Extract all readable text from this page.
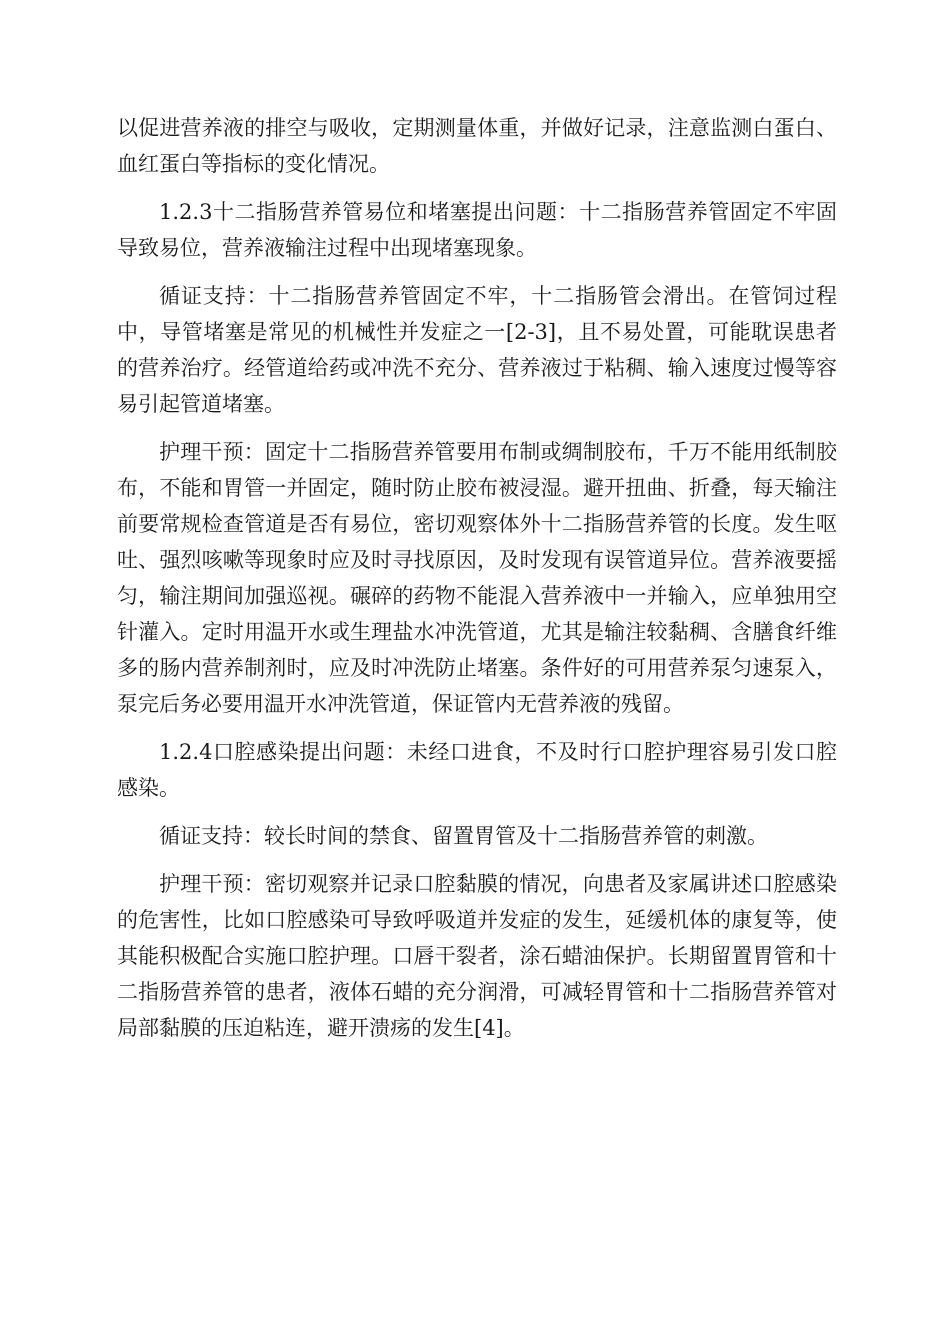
以促进营养液的排空与吸收，定期测量体重，并做好记录，注意监测白蛋白、血红蛋白等指标的变化情况。

1.2.3十二指肠营养管易位和堵塞提出问题：十二指肠营养管固定不牢固导致易位，营养液输注过程中出现堵塞现象。

循证支持：十二指肠营养管固定不牢，十二指肠管会滑出。在管饲过程中，导管堵塞是常见的机械性并发症之一[2-3]，且不易处置，可能耽误患者的营养治疗。经管道给药或冲洗不充分、营养液过于粘稠、输入速度过慢等容易引起管道堵塞。

护理干预：固定十二指肠营养管要用布制或绸制胶布，千万不能用纸制胶布，不能和胃管一并固定，随时防止胶布被浸湿。避开扭曲、折叠，每天输注前要常规检查管道是否有易位，密切观察体外十二指肠营养管的长度。发生呕吐、强烈咳嗽等现象时应及时寻找原因，及时发现有误管道异位。营养液要摇匀，输注期间加强巡视。碾碎的药物不能混入营养液中一并输入，应单独用空针灌入。定时用温开水或生理盐水冲洗管道，尤其是输注较黏稠、含膳食纤维多的肠内营养制剂时，应及时冲洗防止堵塞。条件好的可用营养泵匀速泵入，泵完后务必要用温开水冲洗管道，保证管内无营养液的残留。

1.2.4口腔感染提出问题：未经口进食，不及时行口腔护理容易引发口腔感染。

循证支持：较长时间的禁食、留置胃管及十二指肠营养管的刺激。

护理干预：密切观察并记录口腔黏膜的情况，向患者及家属讲述口腔感染的危害性，比如口腔感染可导致呼吸道并发症的发生，延缓机体的康复等，使其能积极配合实施口腔护理。口唇干裂者，涂石蜡油保护。长期留置胃管和十二指肠营养管的患者，液体石蜡的充分润滑，可减轻胃管和十二指肠营养管对局部黏膜的压迫粘连，避开溃疡的发生[4]。
